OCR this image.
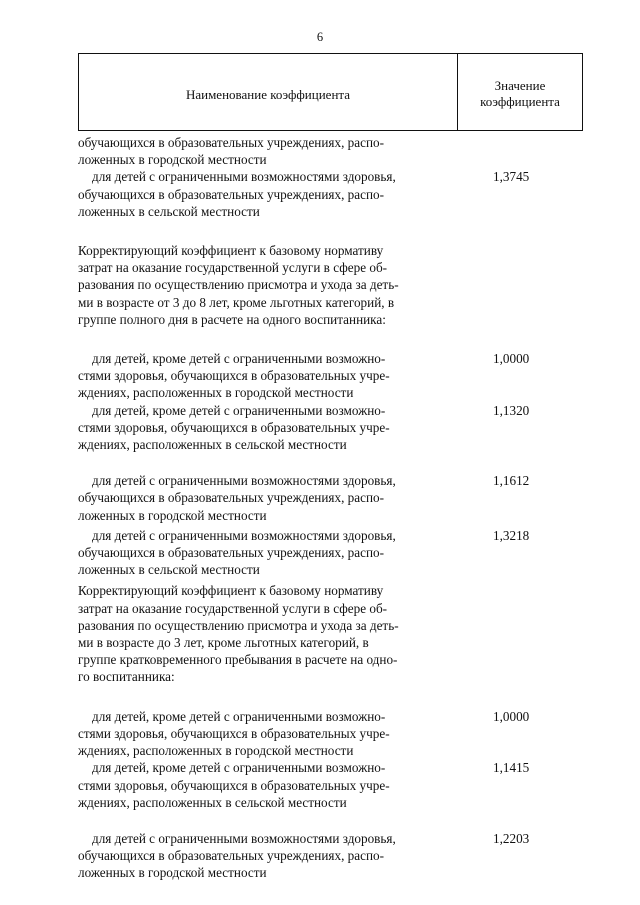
6
Наименование коэффициента
Значение
коэффициента
обучающихся в образовательных учреждениях, распо-
ложенных в городской местности
для детей с ограниченными возможностями здоровья,
обучающихся в образовательных учреждениях, распо-
ложенных в сельской местности
1,3745
Корректирующий коэффициент к базовому нормативу
затрат на оказание государственной услуги в сфере об-
разования по осуществлению присмотра и ухода за деть-
ми в возрасте от 3 до 8 лет, кроме льготных категорий, в
группе полного дня в расчете на одного воспитанника:
для детей, кроме детей с ограниченными возможно-
стями здоровья, обучающихся в образовательных учре-
ждениях, расположенных в городской местности
1,0000
для детей, кроме детей с ограниченными возможно-
стями здоровья, обучающихся в образовательных учре-
ждениях, расположенных в сельской местности
1,1320
для детей с ограниченными возможностями здоровья,
обучающихся в образовательных учреждениях, распо-
ложенных в городской местности
1,1612
для детей с ограниченными возможностями здоровья,
обучающихся в образовательных учреждениях, распо-
ложенных в сельской местности
1,3218
Корректирующий коэффициент к базовому нормативу
затрат на оказание государственной услуги в сфере об-
разования по осуществлению присмотра и ухода за деть-
ми в возрасте до 3 лет, кроме льготных категорий, в
группе кратковременного пребывания в расчете на одно-
го воспитанника:
для детей, кроме детей с ограниченными возможно-
стями здоровья, обучающихся в образовательных учре-
ждениях, расположенных в городской местности
1,0000
для детей, кроме детей с ограниченными возможно-
стями здоровья, обучающихся в образовательных учре-
ждениях, расположенных в сельской местности
1,1415
для детей с ограниченными возможностями здоровья,
обучающихся в образовательных учреждениях, распо-
ложенных в городской местности
1,2203
